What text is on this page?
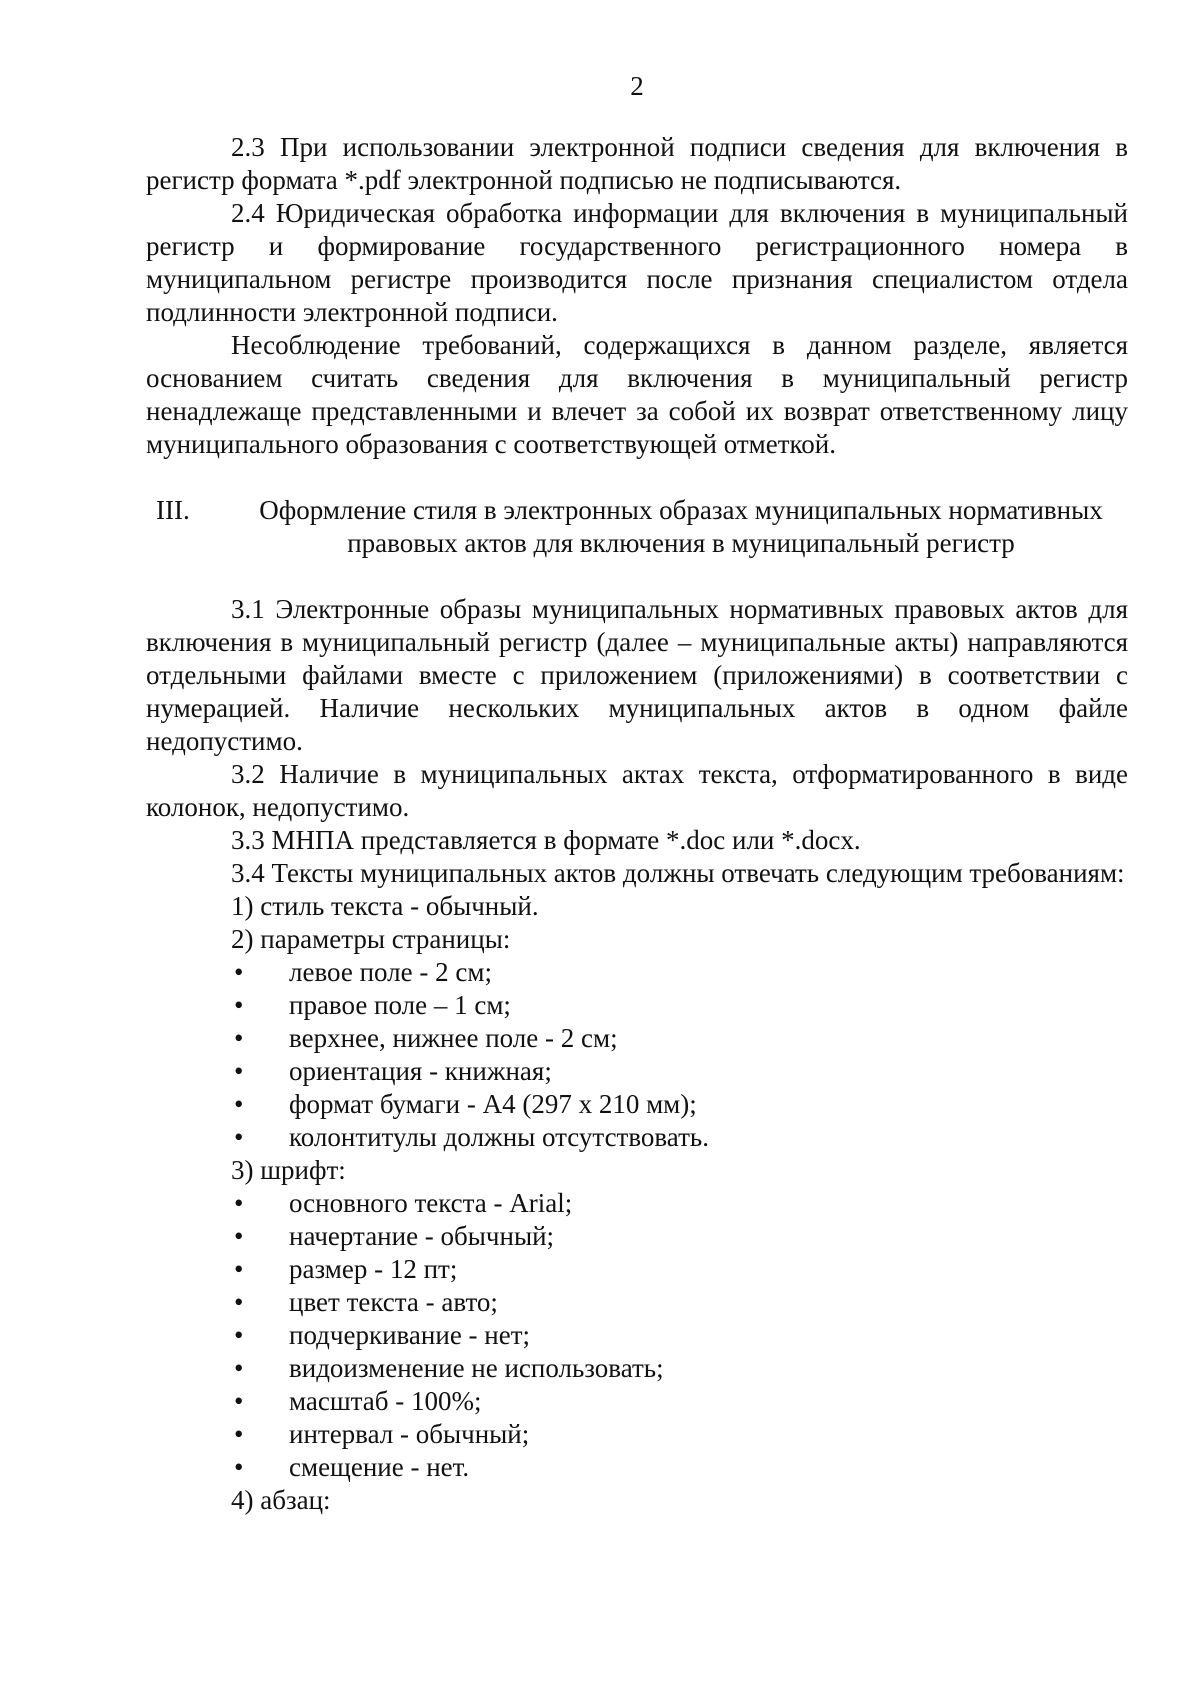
2

2.3 При использовании электронной подписи сведения для включения в регистр формата *.pdf электронной подписью не подписываются.

2.4 Юридическая обработка информации для включения в муниципальный регистр и формирование государственного регистрационного номера в муниципальном регистре производится после признания специалистом отдела подлинности электронной подписи.

Несоблюдение требований, содержащихся в данном разделе, является основанием считать сведения для включения в муниципальный регистр ненадлежаще представленными и влечет за собой их возврат ответственному лицу муниципального образования с соответствующей отметкой.

III.	Оформление стиля в электронных образах муниципальных нормативных правовых актов для включения в муниципальный регистр

3.1 Электронные образы муниципальных нормативных правовых актов для включения в муниципальный регистр (далее – муниципальные акты) направляются отдельными файлами вместе с приложением (приложениями) в соответствии с нумерацией. Наличие нескольких муниципальных актов в одном файле недопустимо.

3.2 Наличие в муниципальных актах текста, отформатированного в виде колонок, недопустимо.

3.3 МНПА представляется в формате *.doc или *.docx.

3.4 Тексты муниципальных актов должны отвечать следующим требованиям:

1) стиль текста - обычный.

2) параметры страницы:

• левое поле - 2 см;
• правое поле – 1 см;
• верхнее, нижнее поле - 2 см;
• ориентация - книжная;
• формат бумаги - А4 (297 х 210 мм);
• колонтитулы должны отсутствовать.

3) шрифт:

• основного текста - Arial;
• начертание - обычный;
• размер - 12 пт;
• цвет текста - авто;
• подчеркивание - нет;
• видоизменение не использовать;
• масштаб - 100%;
• интервал - обычный;
• смещение - нет.

4) абзац:
